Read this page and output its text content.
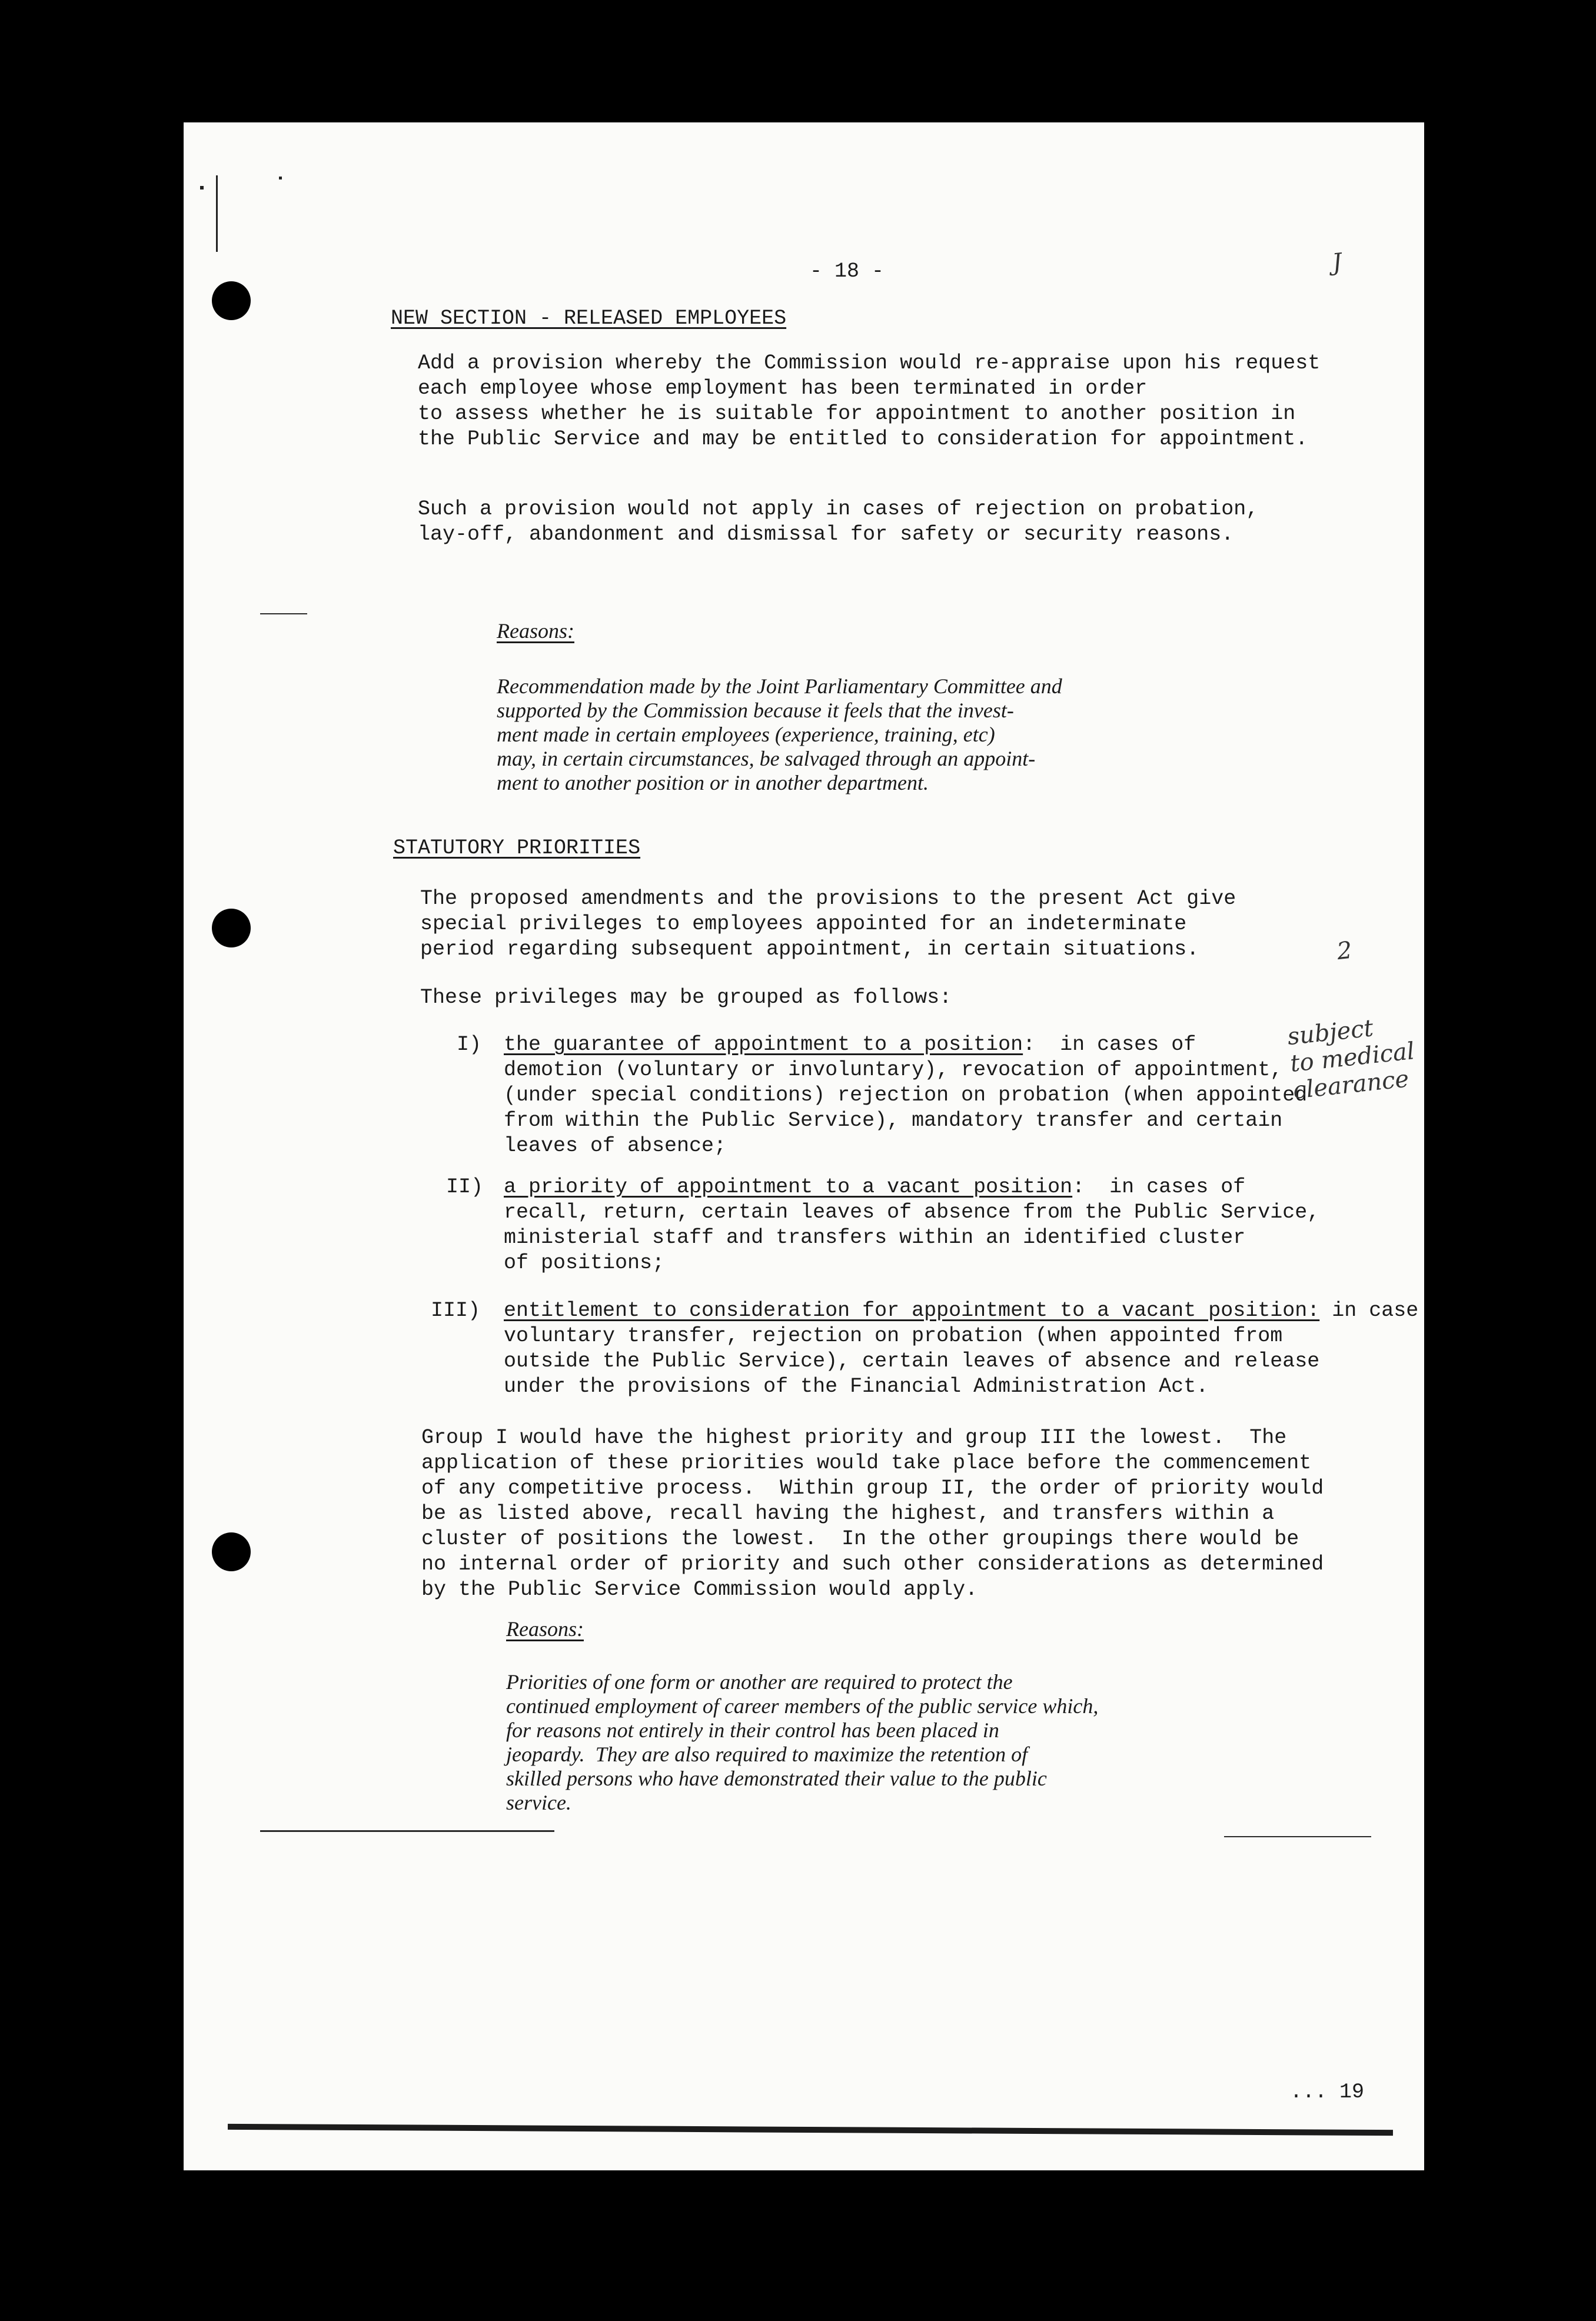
- 18 -	J
NEW SECTION - RELEASED EMPLOYEES
Add a provision whereby the Commission would re-appraise upon his request
each employee whose employment has been terminated in order
to assess whether he is suitable for appointment to another position in
the Public Service and may be entitled to consideration for appointment.
Such a provision would not apply in cases of rejection on probation,
lay-off, abandonment and dismissal for safety or security reasons.
Reasons:
Recommendation made by the Joint Parliamentary Committee and
supported by the Commission because it feels that the invest-
ment made in certain employees (experience, training, etc)
may, in certain circumstances, be salvaged through an appoint-
ment to another position or in another department.
STATUTORY PRIORITIES
The proposed amendments and the provisions to the present Act give
special privileges to employees appointed for an indeterminate
period regarding subsequent appointment, in certain situations.	2
These privileges may be grouped as follows:
I) the guarantee of appointment to a position:  in cases of
demotion (voluntary or involuntary), revocation of appointment,
(under special conditions) rejection on probation (when appointed
from within the Public Service), mandatory transfer and certain
leaves of absence;
subject
to medical
clearance
II) a priority of appointment to a vacant position:  in cases of
recall, return, certain leaves of absence from the Public Service,
ministerial staff and transfers within an identified cluster
of positions;
III) entitlement to consideration for appointment to a vacant position: in case
voluntary transfer, rejection on probation (when appointed from
outside the Public Service), certain leaves of absence and release
under the provisions of the Financial Administration Act.
Group I would have the highest priority and group III the lowest.  The
application of these priorities would take place before the commencement
of any competitive process.  Within group II, the order of priority would
be as listed above, recall having the highest, and transfers within a
cluster of positions the lowest.  In the other groupings there would be
no internal order of priority and such other considerations as determined
by the Public Service Commission would apply.
Reasons:
Priorities of one form or another are required to protect the
continued employment of career members of the public service which,
for reasons not entirely in their control has been placed in
jeopardy.  They are also required to maximize the retention of
skilled persons who have demonstrated their value to the public
service.
... 19
